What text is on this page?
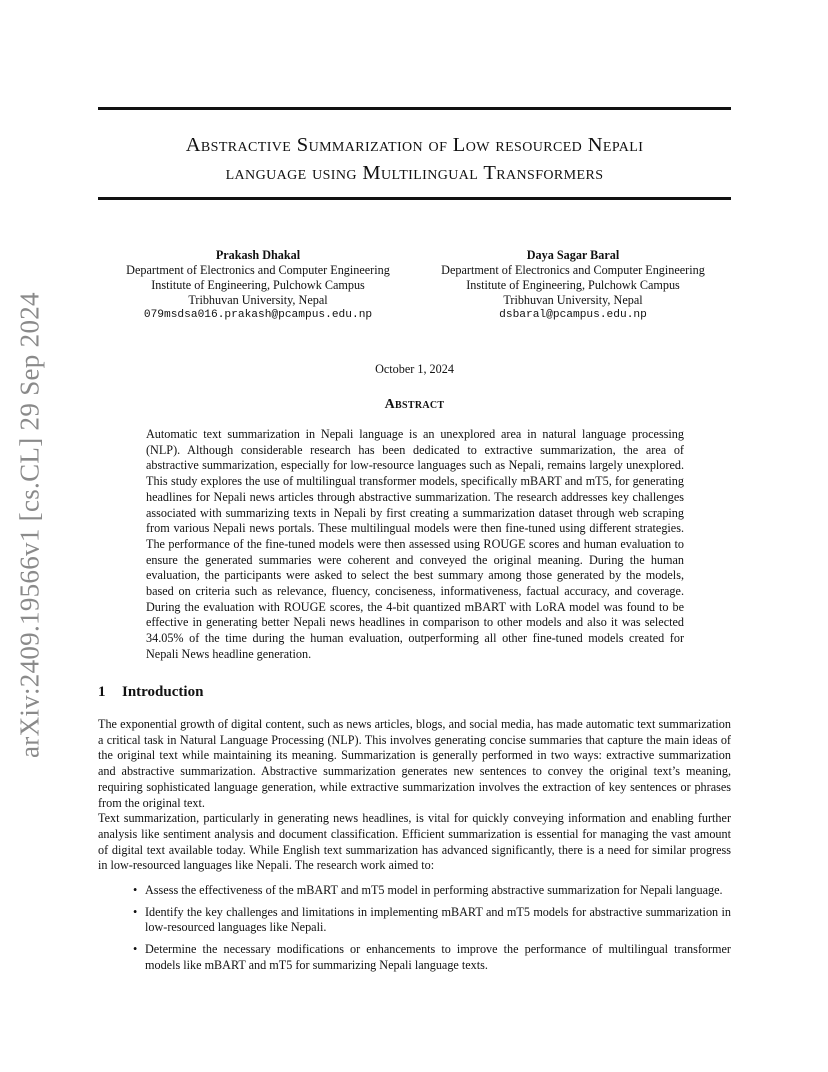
arXiv:2409.19566v1 [cs.CL] 29 Sep 2024
Abstractive Summarization of Low resourced Nepali
language using Multilingual Transformers
Prakash Dhakal
Department of Electronics and Computer Engineering
Institute of Engineering, Pulchowk Campus
Tribhuvan University, Nepal
079msdsa016.prakash@pcampus.edu.np
Daya Sagar Baral
Department of Electronics and Computer Engineering
Institute of Engineering, Pulchowk Campus
Tribhuvan University, Nepal
dsbaral@pcampus.edu.np
October 1, 2024
Abstract

Automatic text summarization in Nepali language is an unexplored area in natural language processing (NLP). Although considerable research has been dedicated to extractive summarization, the area of abstractive summarization, especially for low-resource languages such as Nepali, remains largely unexplored. This study explores the use of multilingual transformer models, specifically mBART and mT5, for generating headlines for Nepali news articles through abstractive summarization. The research addresses key challenges associated with summarizing texts in Nepali by first creating a summarization dataset through web scraping from various Nepali news portals. These multilingual models were then fine-tuned using different strategies. The performance of the fine-tuned models were then assessed using ROUGE scores and human evaluation to ensure the generated summaries were coherent and conveyed the original meaning. During the human evaluation, the participants were asked to select the best summary among those generated by the models, based on criteria such as relevance, fluency, conciseness, informativeness, factual accuracy, and coverage. During the evaluation with ROUGE scores, the 4-bit quantized mBART with LoRA model was found to be effective in generating better Nepali news headlines in comparison to other models and also it was selected 34.05% of the time during the human evaluation, outperforming all other fine-tuned models created for Nepali News headline generation.

1 Introduction

The exponential growth of digital content, such as news articles, blogs, and social media, has made automatic text summarization a critical task in Natural Language Processing (NLP). This involves generating concise summaries that capture the main ideas of the original text while maintaining its meaning. Summarization is generally performed in two ways: extractive summarization and abstractive summarization. Abstractive summarization generates new sentences to convey the original text’s meaning, requiring sophisticated language generation, while extractive summarization involves the extraction of key sentences or phrases from the original text.

Text summarization, particularly in generating news headlines, is vital for quickly conveying information and enabling further analysis like sentiment analysis and document classification. Efficient summarization is essential for managing the vast amount of digital text available today. While English text summarization has advanced significantly, there is a need for similar progress in low-resourced languages like Nepali. The research work aimed to:

• Assess the effectiveness of the mBART and mT5 model in performing abstractive summarization for Nepali language.
• Identify the key challenges and limitations in implementing mBART and mT5 models for abstractive summarization in low-resourced languages like Nepali.
• Determine the necessary modifications or enhancements to improve the performance of multilingual transformer models like mBART and mT5 for summarizing Nepali language texts.
